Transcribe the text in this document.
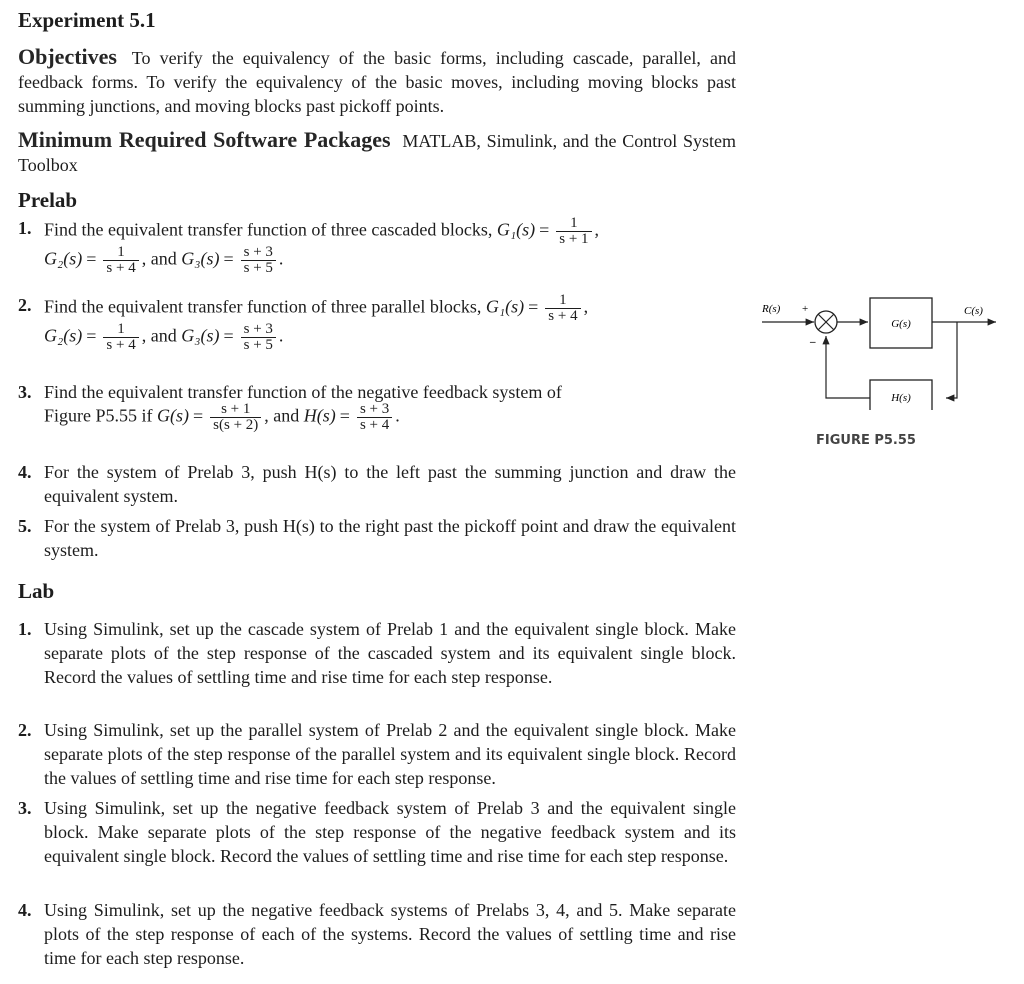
Experiment 5.1

Objectives To verify the equivalency of the basic forms, including cascade, parallel, and feedback forms. To verify the equivalency of the basic moves, including moving blocks past summing junctions, and moving blocks past pickoff points.

Minimum Required Software Packages MATLAB, Simulink, and the Control System Toolbox

Prelab
1. Find the equivalent transfer function of three cascaded blocks, $G_1(s) = \frac{1}{s + 1}$ ,
$G_2(s) = \frac{1}{s + 4}$ , and $G_3(s) = \frac{s + 3}{s + 5}$ .
2. Find the equivalent transfer function of three parallel blocks, $G_1(s) = \frac{1}{s + 4}$ ,
$G_2(s) = \frac{1}{s + 4}$ , and $G_3(s) = \frac{s + 3}{s + 5}$ .
3. Find the equivalent transfer function of the negative feedback system of
Figure P5.55 if $G(s) = \frac{s + 1}{s(s + 2)}$ , and $H(s) = \frac{s + 3}{s + 4}$ .
4. For the system of Prelab 3, push H(s) to the left past the summing junction and draw the equivalent system.
5. For the system of Prelab 3, push H(s) to the right past the pickoff point and draw the equivalent system.
Lab
1. Using Simulink, set up the cascade system of Prelab 1 and the equivalent single block. Make separate plots of the step response of the cascaded system and its equivalent single block. Record the values of settling time and rise time for each step response.
2. Using Simulink, set up the parallel system of Prelab 2 and the equivalent single block. Make separate plots of the step response of the parallel system and its equivalent single block. Record the values of settling time and rise time for each step response.
3. Using Simulink, set up the negative feedback system of Prelab 3 and the equivalent single block. Make separate plots of the step response of the negative feedback system and its equivalent single block. Record the values of settling time and rise time for each step response.
4. Using Simulink, set up the negative feedback systems of Prelabs 3, 4, and 5. Make separate plots of the step response of each of the systems. Record the values of settling time and rise time for each step response.
R(s) +
–
G(s)
C(s)
H(s)
FIGURE P5.55
